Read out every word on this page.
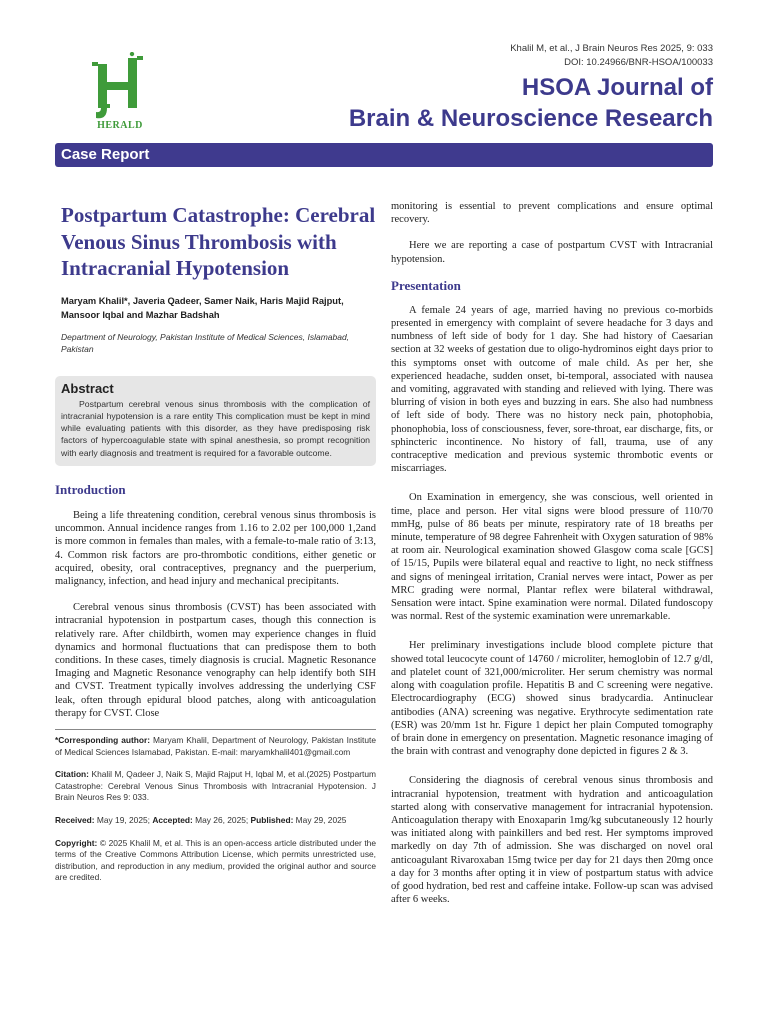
HERALD
Khalil M, et al., J Brain Neuros Res 2025, 9: 033
DOI: 10.24966/BNR-HSOA/100033
HSOA Journal of
Brain & Neuroscience Research
Case Report
Postpartum Catastrophe: Cerebral Venous Sinus Thrombosis with Intracranial Hypotension

Maryam Khalil*, Javeria Qadeer, Samer Naik, Haris Majid Rajput, Mansoor Iqbal and Mazhar Badshah

Department of Neurology, Pakistan Institute of Medical Sciences, Islamabad, Pakistan

Abstract

Postpartum cerebral venous sinus thrombosis with the complication of intracranial hypotension is a rare entity This complication must be kept in mind while evaluating patients with this disorder, as they have predisposing risk factors of hypercoagulable state with spinal anesthesia, so prompt recognition with early diagnosis and treatment is required for a favorable outcome.

Introduction

Being a life threatening condition, cerebral venous sinus thrombosis is uncommon. Annual incidence ranges from 1.16 to 2.02 per 100,000 1,2and is more common in females than males, with a female-to-male ratio of 3:13, 4. Common risk factors are pro-thrombotic conditions, either genetic or acquired, obesity, oral contraceptives, pregnancy and the puerperium, malignancy, infection, and head injury and mechanical precipitants.

Cerebral venous sinus thrombosis (CVST) has been associated with intracranial hypotension in postpartum cases, though this connection is relatively rare. After childbirth, women may experience changes in fluid dynamics and hormonal fluctuations that can predispose them to both conditions. In these cases, timely diagnosis is crucial. Magnetic Resonance Imaging and Magnetic Resonance venography can help identify both SIH and CVST. Treatment typically involves addressing the underlying CSF leak, often through epidural blood patches, along with anticoagulation therapy for CVST. Close

*Corresponding author: Maryam Khalil, Department of Neurology, Pakistan Institute of Medical Sciences Islamabad, Pakistan. E-mail: maryamkhalil401@gmail.com

Citation: Khalil M, Qadeer J, Naik S, Majid Rajput H, Iqbal M, et al.(2025) Postpartum Catastrophe: Cerebral Venous Sinus Thrombosis with Intracranial Hypotension. J Brain Neuros Res 9: 033.

Received: May 19, 2025; Accepted: May 26, 2025; Published: May 29, 2025

Copyright: © 2025 Khalil M, et al. This is an open-access article distributed under the terms of the Creative Commons Attribution License, which permits unrestricted use, distribution, and reproduction in any medium, provided the original author and source are credited.

monitoring is essential to prevent complications and ensure optimal recovery.

Here we are reporting a case of postpartum CVST with Intracranial hypotension.

Presentation

A female 24 years of age, married having no previous co-morbids presented in emergency with complaint of severe headache for 3 days and numbness of left side of body for 1 day. She had history of Caesarian section at 32 weeks of gestation due to oligo-hydrominos eight days prior to this symptoms onset with outcome of male child. As per her, she experienced headache, sudden onset, bi-temporal, associated with nausea and vomiting, aggravated with standing and relieved with lying. There was blurring of vision in both eyes and buzzing in ears. She also had numbness of left side of body. There was no history neck pain, photophobia, phonophobia, loss of consciousness, fever, sore-throat, ear discharge, fits, or sphincteric incontinence. No history of fall, trauma, use of any contraceptive medication and previous systemic thrombotic events or miscarriages.

On Examination in emergency, she was conscious, well oriented in time, place and person. Her vital signs were blood pressure of 110/70 mmHg, pulse of 86 beats per minute, respiratory rate of 18 breaths per minute, temperature of 98 degree Fahrenheit with Oxygen saturation of 98% at room air. Neurological examination showed Glasgow coma scale [GCS] of 15/15, Pupils were bilateral equal and reactive to light, no neck stiffness and signs of meningeal irritation, Cranial nerves were intact, Power as per MRC grading were normal, Plantar reflex were bilateral withdrawal, Sensation were intact. Spine examination were normal. Dilated fundoscopy was normal. Rest of the systemic examination were unremarkable.

Her preliminary investigations include blood complete picture that showed total leucocyte count of 14760 / microliter, hemoglobin of 12.7 g/dl, and platelet count of 321,000/microliter. Her serum chemistry was normal along with coagulation profile. Hepatitis B and C screening were negative. Electrocardiography (ECG) showed sinus bradycardia. Antinuclear antibodies (ANA) screening was negative. Erythrocyte sedimentation rate (ESR) was 20/mm 1st hr. Figure 1 depict her plain Computed tomography of brain done in emergency on presentation. Magnetic resonance imaging of the brain with contrast and venography done depicted in figures 2 & 3.

Considering the diagnosis of cerebral venous sinus thrombosis and intracranial hypotension, treatment with hydration and anticoagulation started along with conservative management for intracranial hypotension. Anticoagulation therapy with Enoxaparin 1mg/kg subcutaneously 12 hourly was initiated along with painkillers and bed rest. Her symptoms improved markedly on day 7th of admission. She was discharged on novel oral anticoagulant Rivaroxaban 15mg twice per day for 21 days then 20mg once a day for 3 months after opting it in view of postpartum status with advice of good hydration, bed rest and caffeine intake. Follow-up scan was advised after 6 weeks.
